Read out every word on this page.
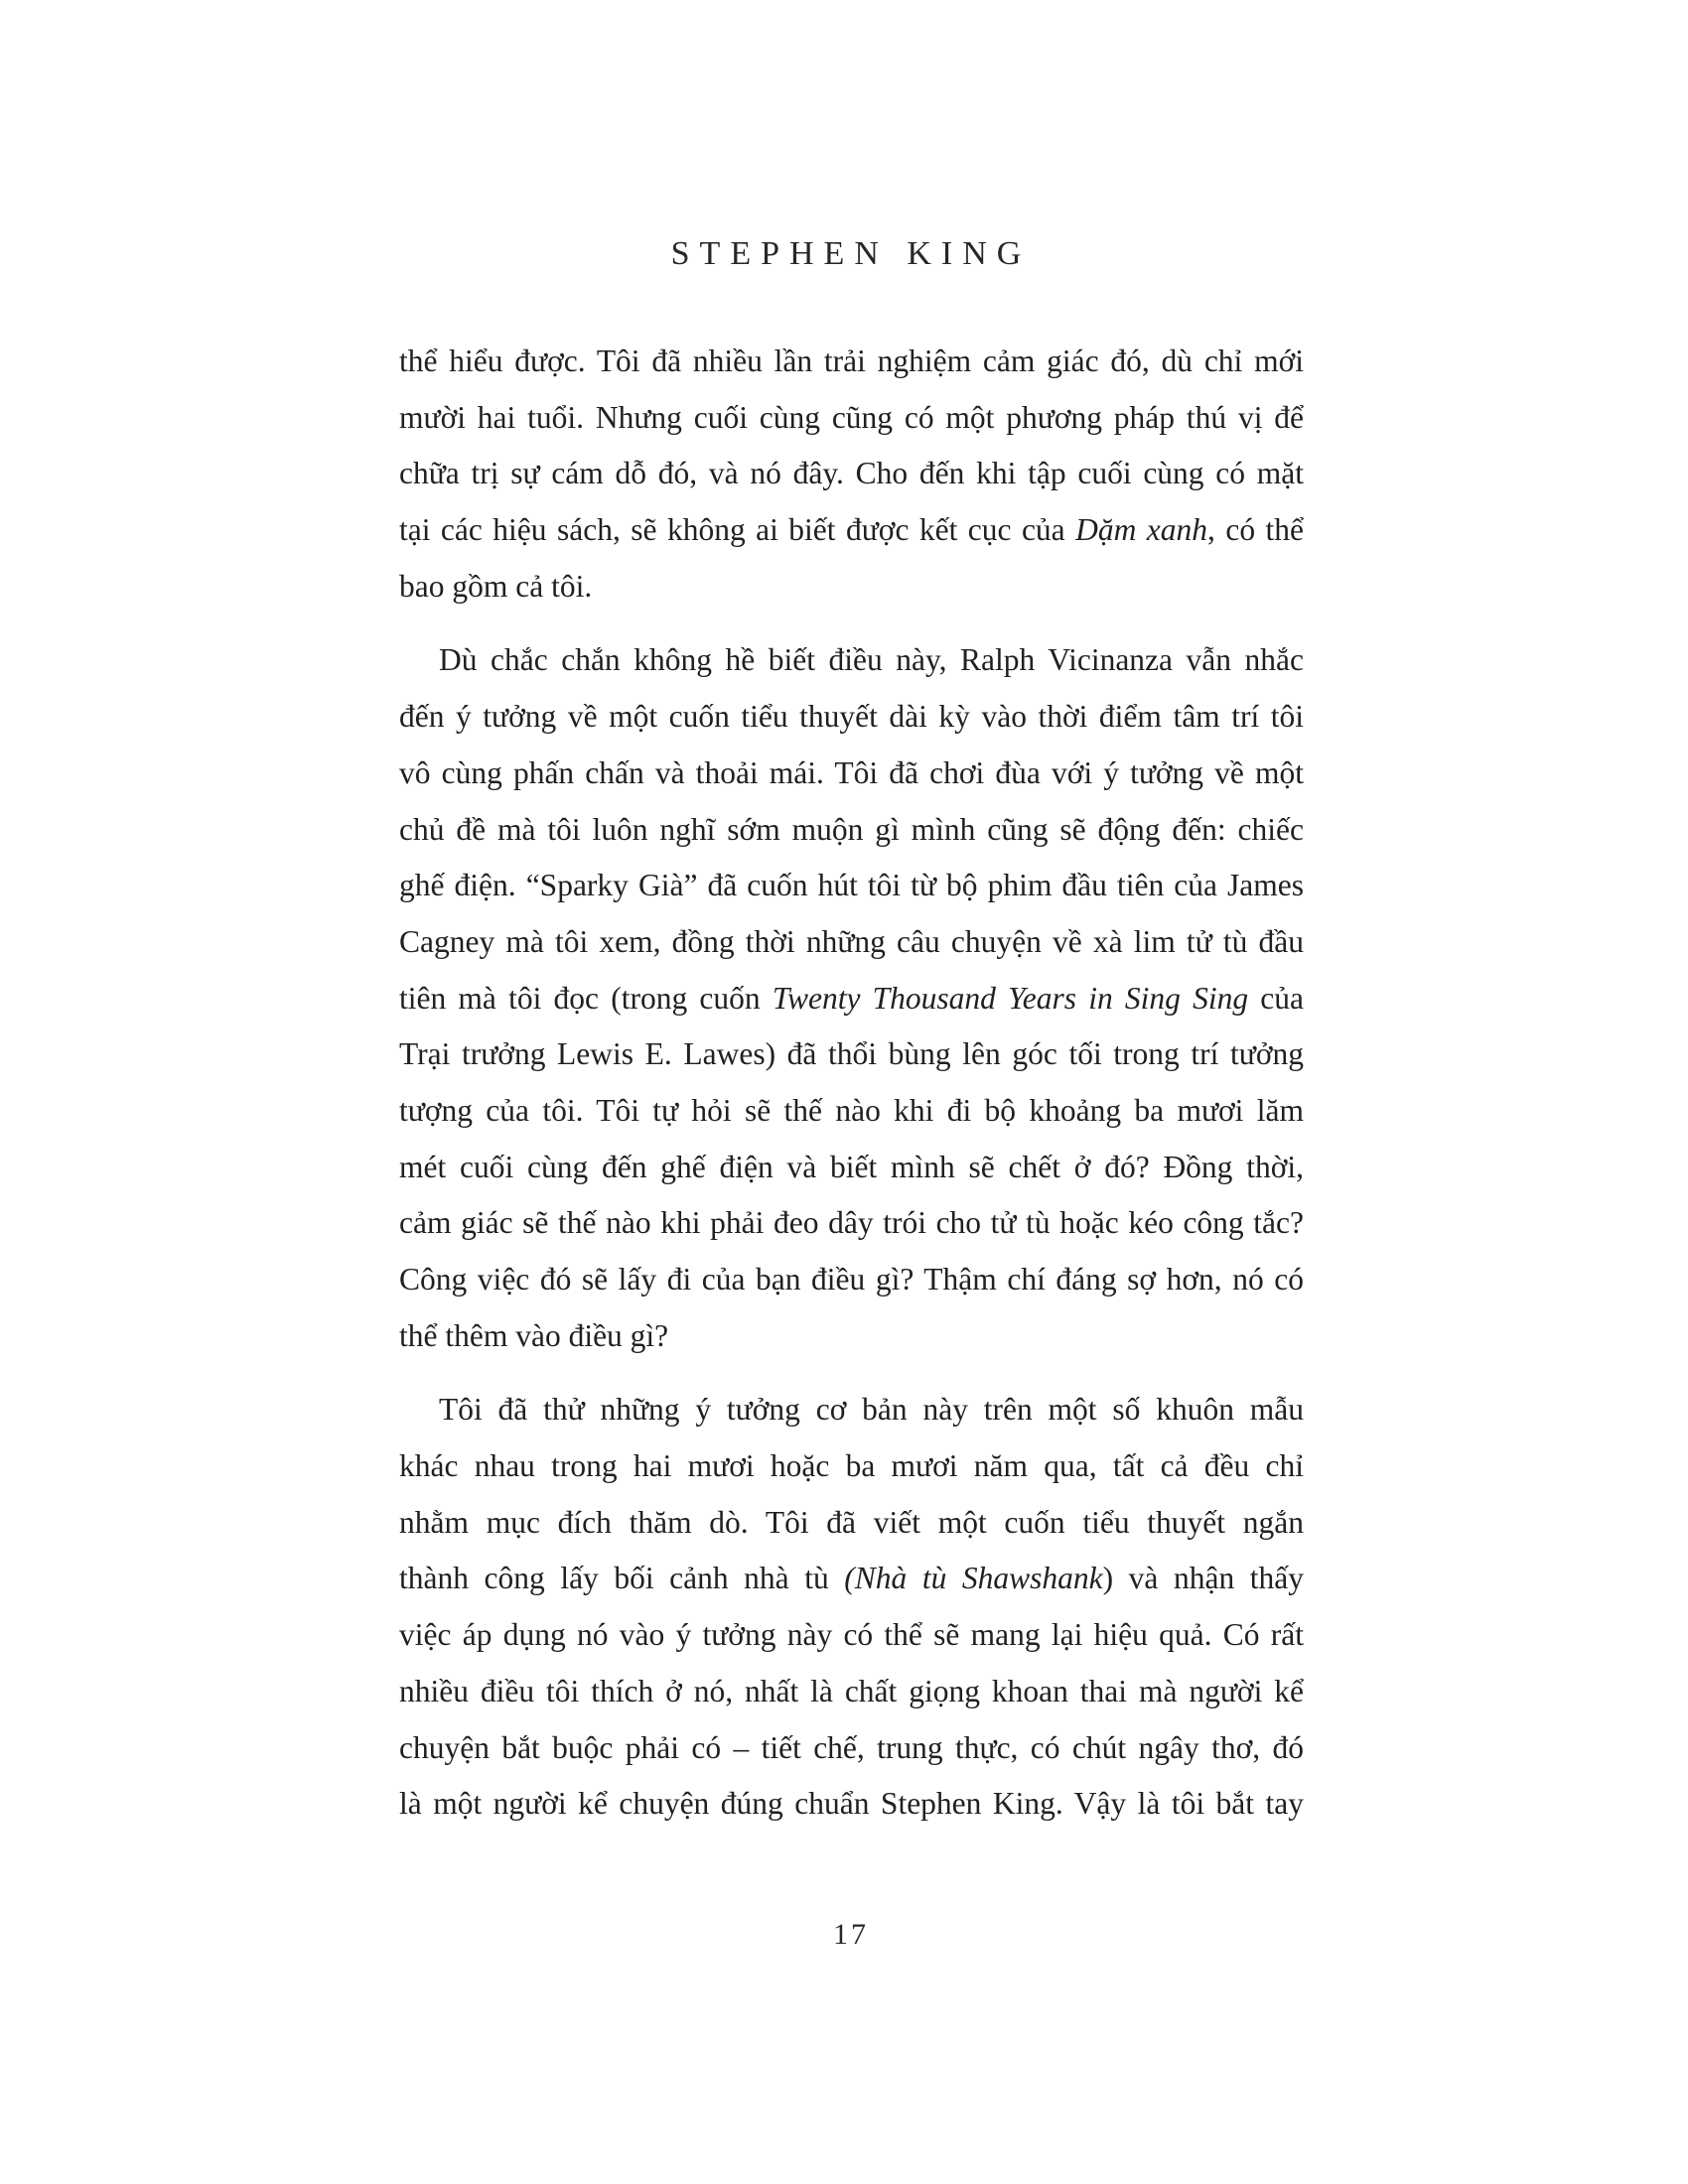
STEPHEN KING
thể hiểu được. Tôi đã nhiều lần trải nghiệm cảm giác đó, dù chỉ mới
mười hai tuổi. Nhưng cuối cùng cũng có một phương pháp thú vị để
chữa trị sự cám dỗ đó, và nó đây. Cho đến khi tập cuối cùng có mặt
tại các hiệu sách, sẽ không ai biết được kết cục của Dặm xanh, có thể
bao gồm cả tôi.
Dù chắc chắn không hề biết điều này, Ralph Vicinanza vẫn nhắc
đến ý tưởng về một cuốn tiểu thuyết dài kỳ vào thời điểm tâm trí tôi
vô cùng phấn chấn và thoải mái. Tôi đã chơi đùa với ý tưởng về một
chủ đề mà tôi luôn nghĩ sớm muộn gì mình cũng sẽ động đến: chiếc
ghế điện. “Sparky Già” đã cuốn hút tôi từ bộ phim đầu tiên của James
Cagney mà tôi xem, đồng thời những câu chuyện về xà lim tử tù đầu
tiên mà tôi đọc (trong cuốn Twenty Thousand Years in Sing Sing của
Trại trưởng Lewis E. Lawes) đã thổi bùng lên góc tối trong trí tưởng
tượng của tôi. Tôi tự hỏi sẽ thế nào khi đi bộ khoảng ba mươi lăm
mét cuối cùng đến ghế điện và biết mình sẽ chết ở đó? Đồng thời,
cảm giác sẽ thế nào khi phải đeo dây trói cho tử tù hoặc kéo công tắc?
Công việc đó sẽ lấy đi của bạn điều gì? Thậm chí đáng sợ hơn, nó có
thể thêm vào điều gì?
Tôi đã thử những ý tưởng cơ bản này trên một số khuôn mẫu
khác nhau trong hai mươi hoặc ba mươi năm qua, tất cả đều chỉ
nhằm mục đích thăm dò. Tôi đã viết một cuốn tiểu thuyết ngắn
thành công lấy bối cảnh nhà tù (Nhà tù Shawshank) và nhận thấy
việc áp dụng nó vào ý tưởng này có thể sẽ mang lại hiệu quả. Có rất
nhiều điều tôi thích ở nó, nhất là chất giọng khoan thai mà người kể
chuyện bắt buộc phải có – tiết chế, trung thực, có chút ngây thơ, đó
là một người kể chuyện đúng chuẩn Stephen King. Vậy là tôi bắt tay
17
